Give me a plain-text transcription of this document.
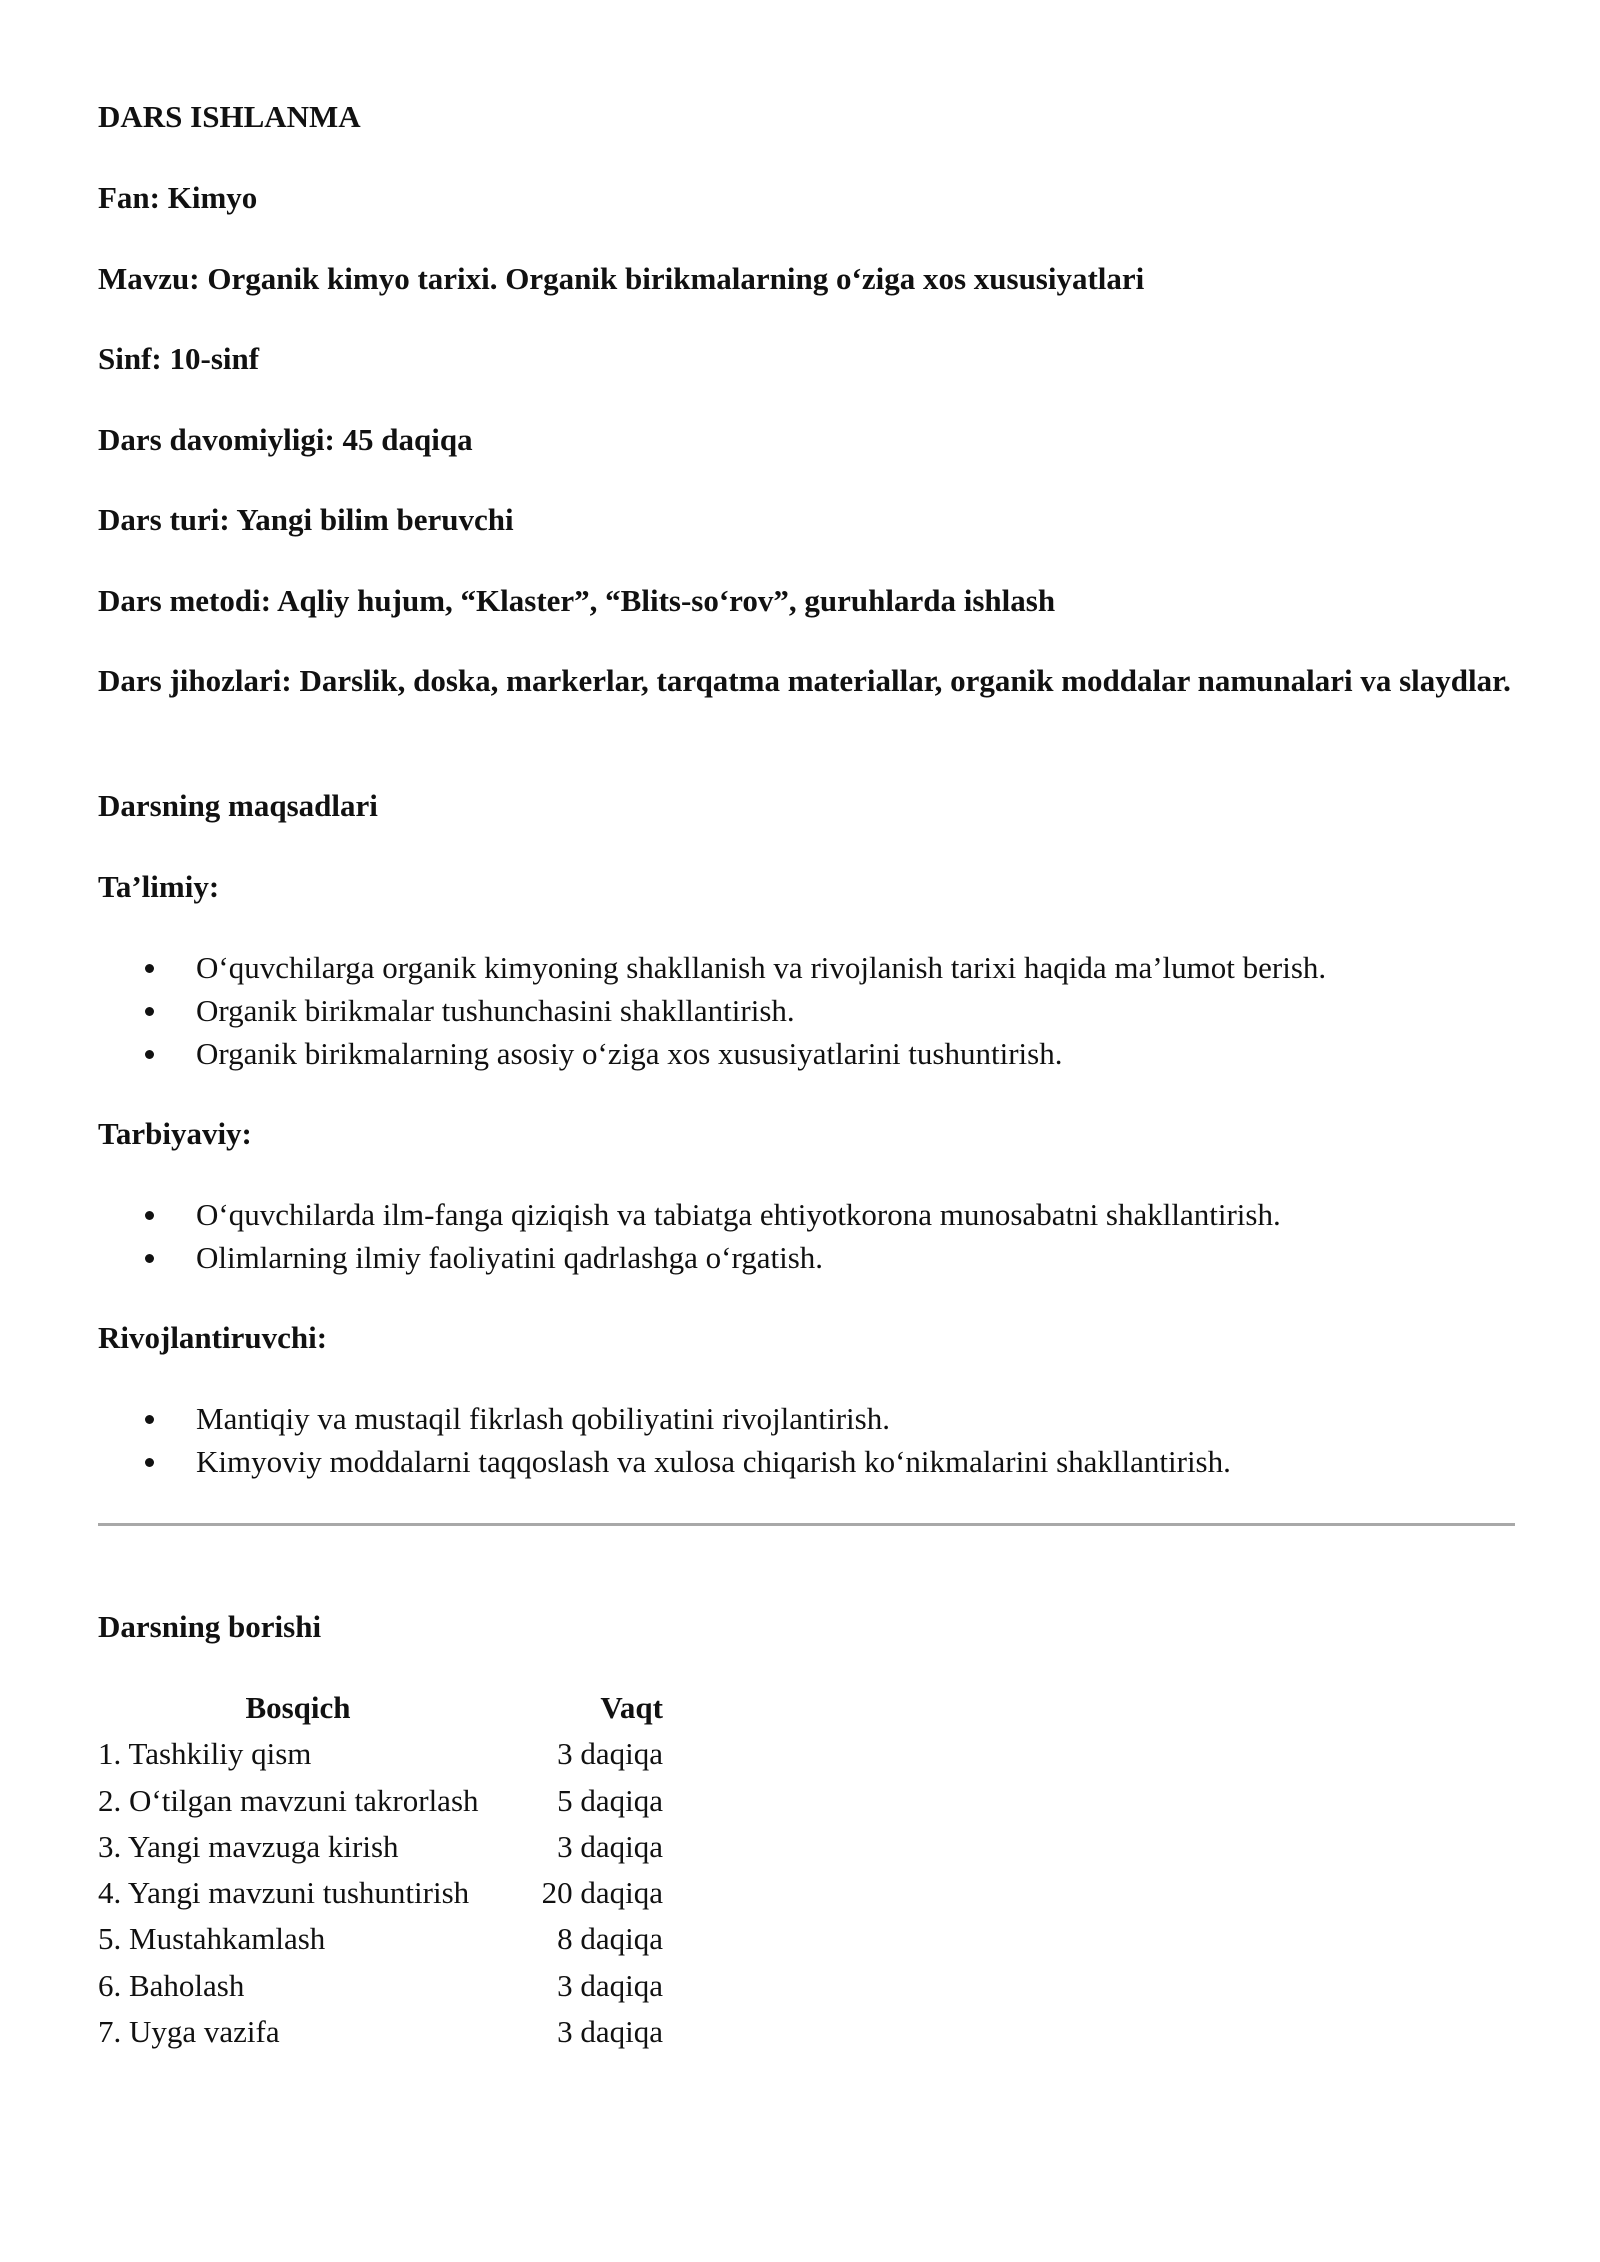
DARS ISHLANMA

Fan: Kimyo

Mavzu: Organik kimyo tarixi. Organik birikmalarning o‘ziga xos xususiyatlari

Sinf: 10-sinf

Dars davomiyligi: 45 daqiqa

Dars turi: Yangi bilim beruvchi

Dars metodi: Aqliy hujum, “Klaster”, “Blits-so‘rov”, guruhlarda ishlash

Dars jihozlari: Darslik, doska, markerlar, tarqatma materiallar, organik moddalar namunalari va slaydlar.

Darsning maqsadlari

Ta’limiy:

O‘quvchilarga organik kimyoning shakllanish va rivojlanish tarixi haqida ma’lumot berish.
Organik birikmalar tushunchasini shakllantirish.
Organik birikmalarning asosiy o‘ziga xos xususiyatlarini tushuntirish.

Tarbiyaviy:

O‘quvchilarda ilm-fanga qiziqish va tabiatga ehtiyotkorona munosabatni shakllantirish.
Olimlarning ilmiy faoliyatini qadrlashga o‘rgatish.

Rivojlantiruvchi:

Mantiqiy va mustaqil fikrlash qobiliyatini rivojlantirish.
Kimyoviy moddalarni taqqoslash va xulosa chiqarish ko‘nikmalarini shakllantirish.

Darsning borishi

Bosqich	Vaqt
1. Tashkiliy qism	3 daqiqa
2. O‘tilgan mavzuni takrorlash	5 daqiqa
3. Yangi mavzuga kirish	3 daqiqa
4. Yangi mavzuni tushuntirish	20 daqiqa
5. Mustahkamlash	8 daqiqa
6. Baholash	3 daqiqa
7. Uyga vazifa	3 daqiqa
